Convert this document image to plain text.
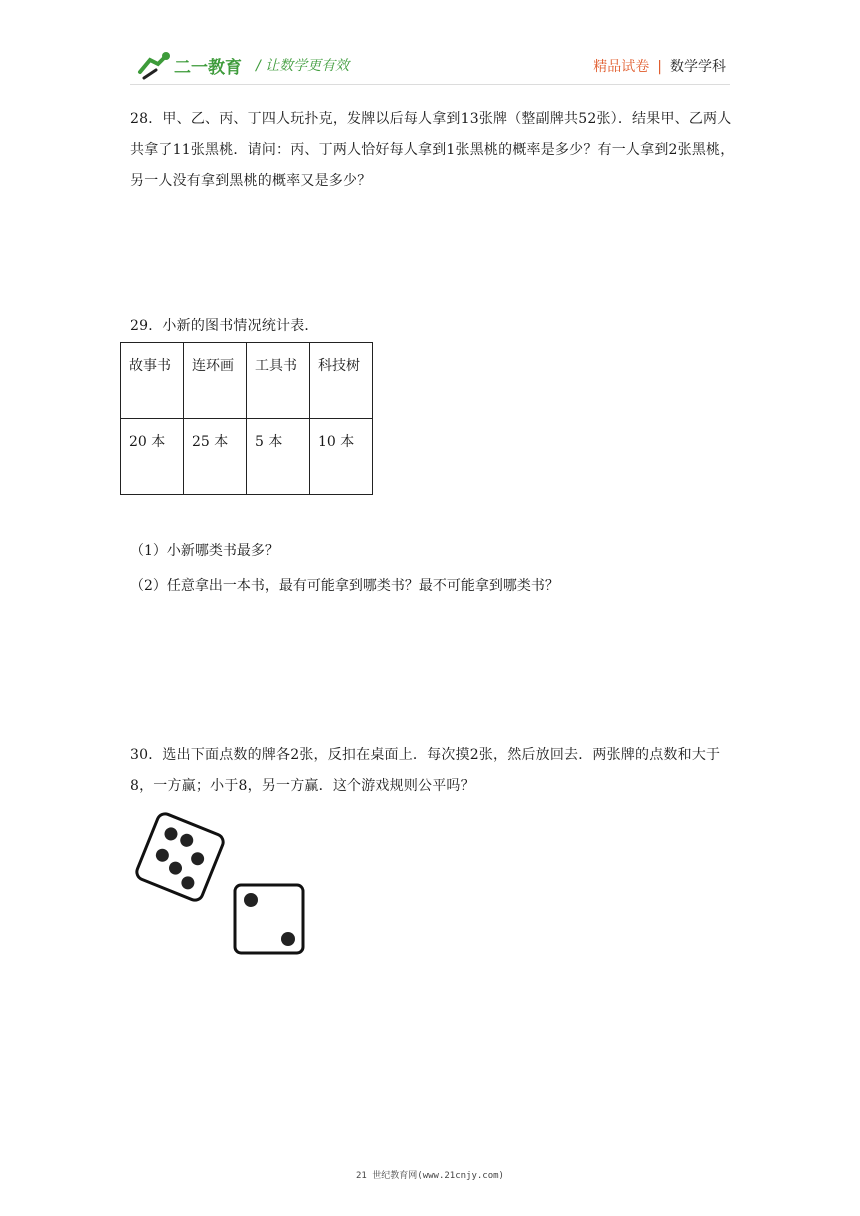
二一教育 / 让数学更有效	精品试卷 | 数学学科
28．甲、乙、丙、丁四人玩扑克，发牌以后每人拿到13张牌（整副牌共52张）．结果甲、乙两人共拿了11张黑桃．请问：丙、丁两人恰好每人拿到1张黑桃的概率是多少？有一人拿到2张黑桃，另一人没有拿到黑桃的概率又是多少？
29．小新的图书情况统计表．
故事书	连环画	工具书	科技树
20 本	25 本	5 本	10 本
（1）小新哪类书最多？
（2）任意拿出一本书，最有可能拿到哪类书？最不可能拿到哪类书？
30．选出下面点数的牌各2张，反扣在桌面上．每次摸2张，然后放回去．两张牌的点数和大于8，一方赢；小于8，另一方赢．这个游戏规则公平吗？
21 世纪教育网(www.21cnjy.com)
